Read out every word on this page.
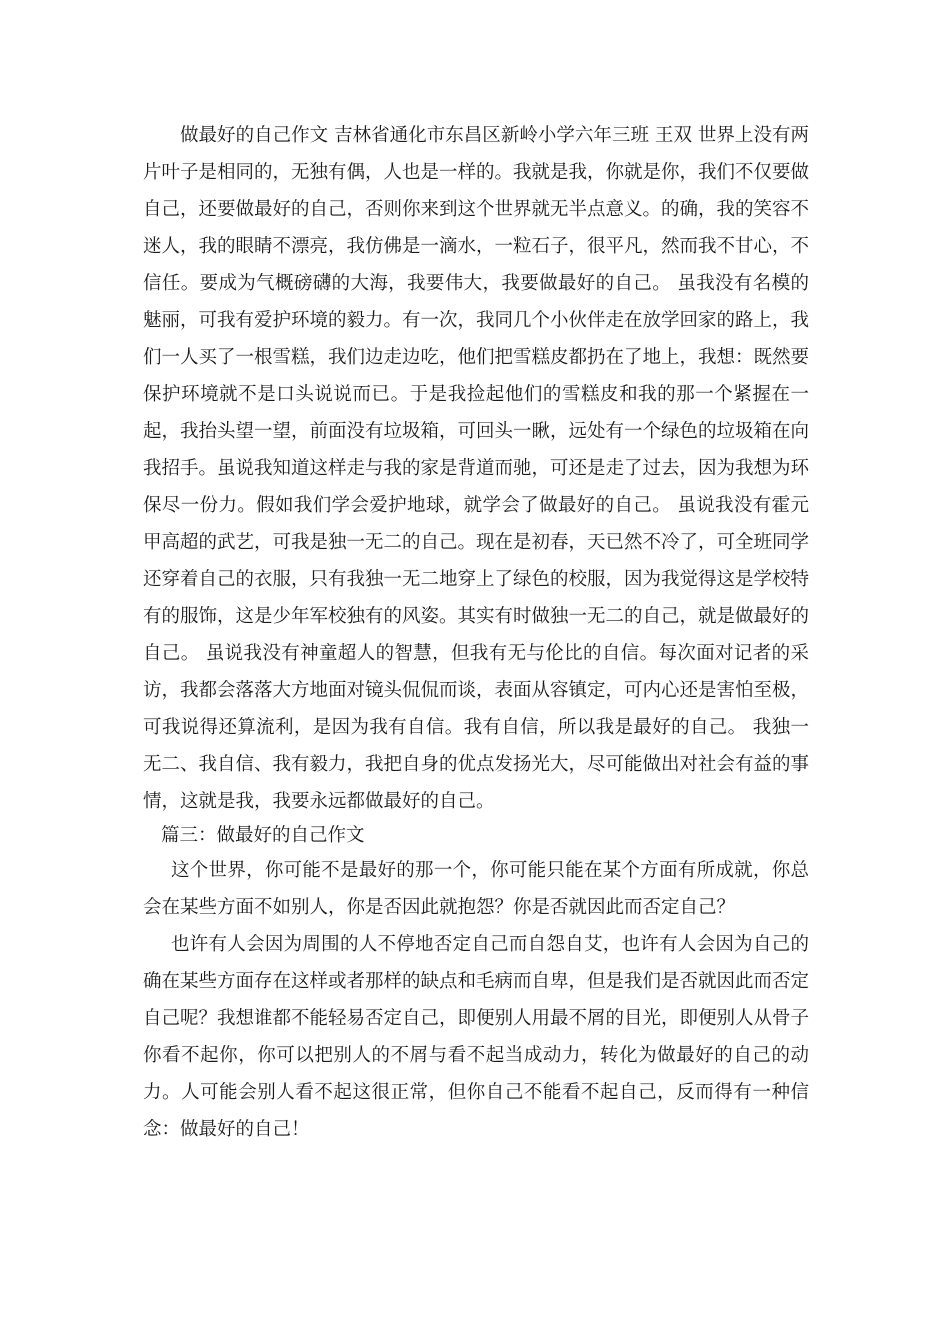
做最好的自己作文 吉林省通化市东昌区新岭小学六年三班 王双 世界上没有两片叶子是相同的，无独有偶，人也是一样的。我就是我，你就是你，我们不仅要做自己，还要做最好的自己，否则你来到这个世界就无半点意义。的确，我的笑容不迷人，我的眼睛不漂亮，我仿佛是一滴水，一粒石子，很平凡，然而我不甘心，不信任。要成为气概磅礴的大海，我要伟大，我要做最好的自己。 虽我没有名模的魅丽，可我有爱护环境的毅力。有一次，我同几个小伙伴走在放学回家的路上，我们一人买了一根雪糕，我们边走边吃，他们把雪糕皮都扔在了地上，我想：既然要保护环境就不是口头说说而已。于是我捡起他们的雪糕皮和我的那一个紧握在一起，我抬头望一望，前面没有垃圾箱，可回头一瞅，远处有一个绿色的垃圾箱在向我招手。虽说我知道这样走与我的家是背道而驰，可还是走了过去，因为我想为环保尽一份力。假如我们学会爱护地球，就学会了做最好的自己。 虽说我没有霍元甲高超的武艺，可我是独一无二的自己。现在是初春，天已然不冷了，可全班同学还穿着自己的衣服，只有我独一无二地穿上了绿色的校服，因为我觉得这是学校特有的服饰，这是少年军校独有的风姿。其实有时做独一无二的自己，就是做最好的自己。 虽说我没有神童超人的智慧，但我有无与伦比的自信。每次面对记者的采访，我都会落落大方地面对镜头侃侃而谈，表面从容镇定，可内心还是害怕至极，可我说得还算流利，是因为我有自信。我有自信，所以我是最好的自己。 我独一无二、我自信、我有毅力，我把自身的优点发扬光大，尽可能做出对社会有益的事情，这就是我，我要永远都做最好的自己。

篇三：做最好的自己作文

这个世界，你可能不是最好的那一个，你可能只能在某个方面有所成就，你总会在某些方面不如别人，你是否因此就抱怨？你是否就因此而否定自己？

也许有人会因为周围的人不停地否定自己而自怨自艾，也许有人会因为自己的确在某些方面存在这样或者那样的缺点和毛病而自卑，但是我们是否就因此而否定自己呢？我想谁都不能轻易否定自己，即便别人用最不屑的目光，即便别人从骨子你看不起你，你可以把别人的不屑与看不起当成动力，转化为做最好的自己的动力。人可能会别人看不起这很正常，但你自己不能看不起自己，反而得有一种信念：做最好的自己！
